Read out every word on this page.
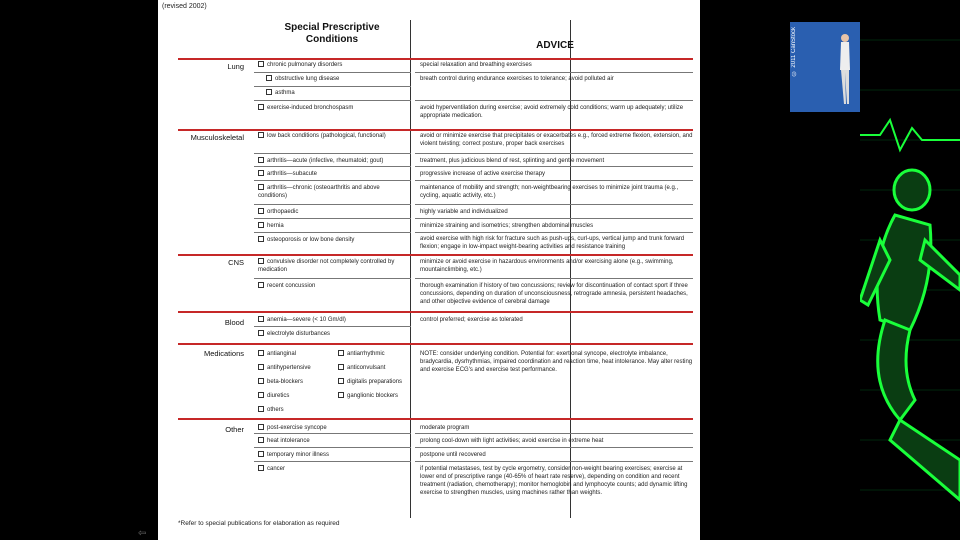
(revised 2002)
Special Prescriptive
Conditions
ADVICE
Lung
Musculoskeletal
CNS
Blood
Medications
Other
chronic pulmonary disorders
obstructive lung disease
asthma
exercise-induced bronchospasm
special relaxation and breathing exercises
breath control during endurance exercises to tolerance; avoid polluted air
avoid hyperventilation during exercise; avoid extremely cold conditions; warm up adequately; utilize appropriate medication.
low back conditions (pathological, functional)
arthritis—acute (infective, rheumatoid; gout)
arthritis—subacute
arthritis—chronic (osteoarthritis and above conditions)
orthopaedic
hernia
osteoporosis or low bone density
avoid or minimize exercise that precipitates or exacerbates e.g., forced extreme flexion, extension, and violent twisting; correct posture, proper back exercises
treatment, plus judicious blend of rest, splinting and gentle movement
progressive increase of active exercise therapy
maintenance of mobility and strength; non-weightbearing exercises to minimize joint trauma (e.g., cycling, aquatic activity, etc.)
highly variable and individualized
minimize straining and isometrics; strengthen abdominal muscles
avoid exercise with high risk for fracture such as push-ups, curl-ups, vertical jump and trunk forward flexion; engage in low-impact weight-bearing activities and resistance training
convulsive disorder not completely controlled by medication
recent concussion
minimize or avoid exercise in hazardous environments and/or exercising alone (e.g., swimming, mountainclimbing, etc.)
thorough examination if history of two concussions; review for discontinuation of contact sport if three concussions, depending on duration of unconsciousness, retrograde amnesia, persistent headaches, and other objective evidence of cerebral damage
anemia—severe (< 10 Gm/dl)
electrolyte disturbances
control preferred; exercise as tolerated
antianginal
antihypertensive
beta-blockers
diuretics
others
antiarrhythmic
anticonvulsant
digitalis preparations
ganglionic blockers
NOTE: consider underlying condition. Potential for: exertional syncope, electrolyte imbalance, bradycardia, dysrhythmias, impaired coordination and reaction time, heat intolerance. May alter resting and exercise ECG's and exercise test performance.
post-exercise syncope
heat intolerance
temporary minor illness
cancer
moderate program
prolong cool-down with light activities; avoid exercise in extreme heat
postpone until recovered
if potential metastases, test by cycle ergometry, consider non-weight bearing exercises; exercise at lower end of prescriptive range (40-65% of heart rate reserve), depending on condition and recent treatment (radiation, chemotherapy); monitor hemoglobin and lymphocyte counts; add dynamic lifting exercise to strengthen muscles, using machines rather than weights.
*Refer to special publications for elaboration as required
⇦
© 2011 CanStock
